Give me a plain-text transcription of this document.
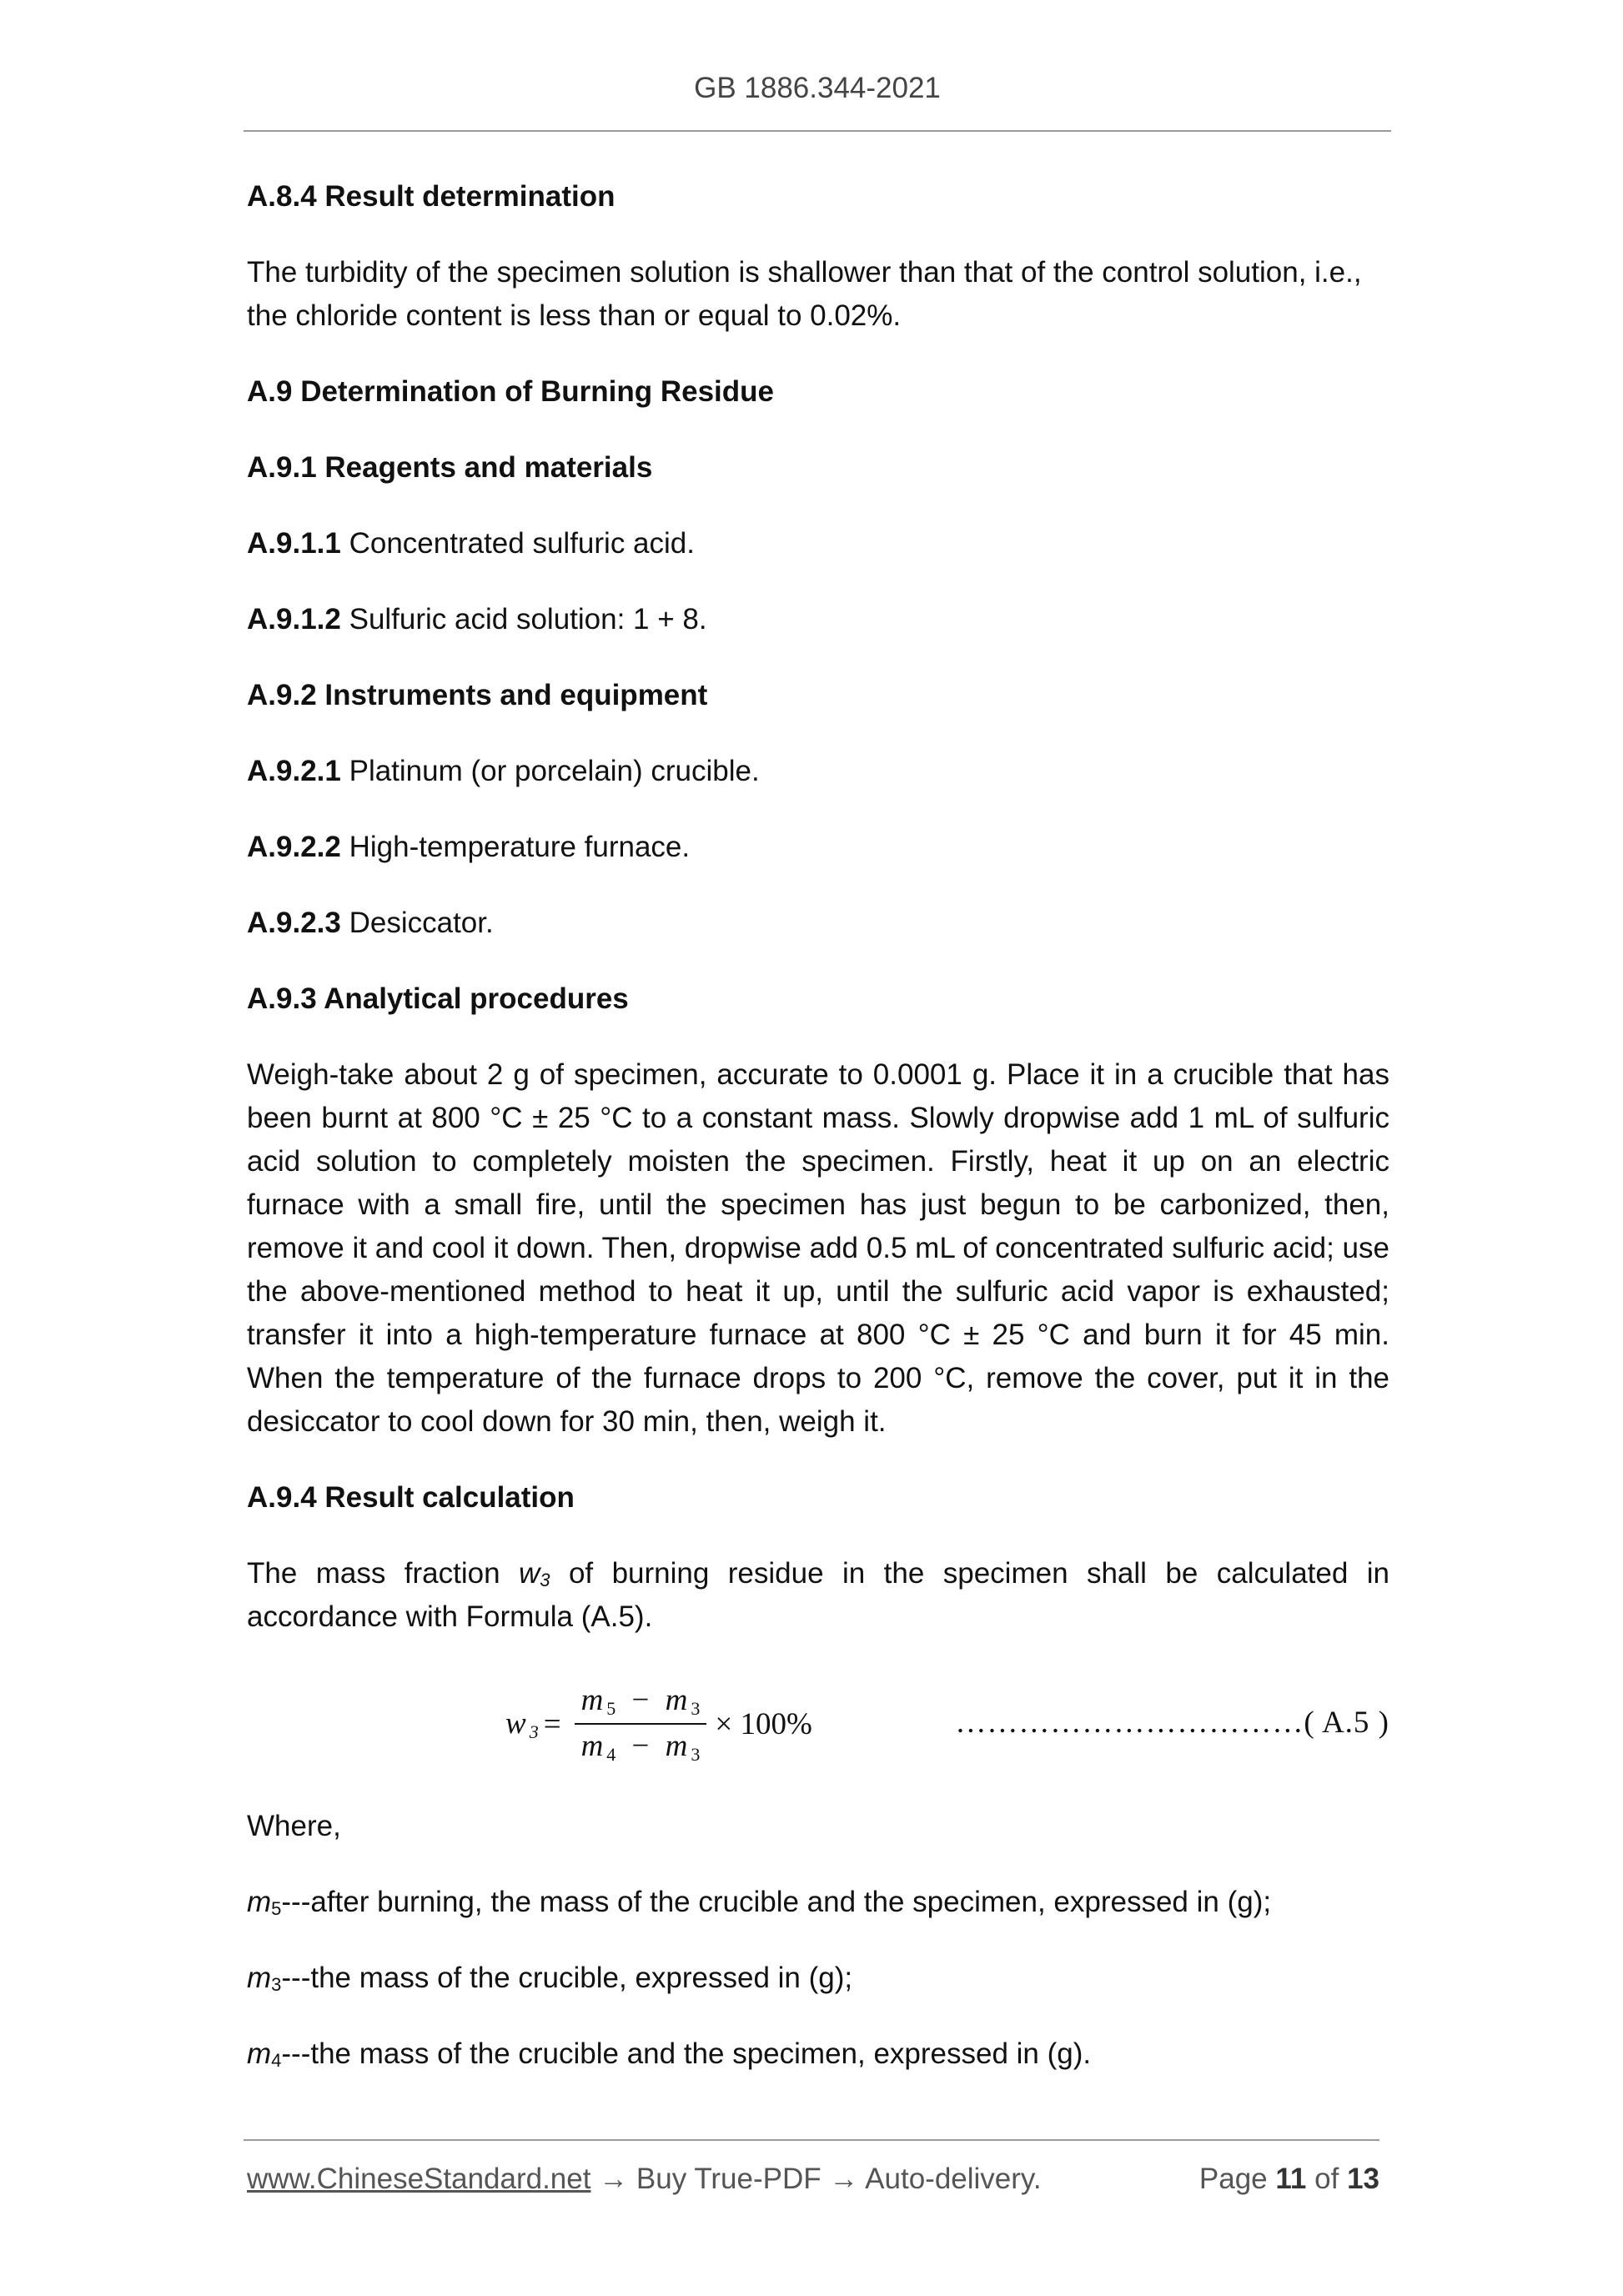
GB 1886.344-2021

A.8.4 Result determination

The turbidity of the specimen solution is shallower than that of the control solution, i.e., the chloride content is less than or equal to 0.02%.

A.9 Determination of Burning Residue

A.9.1 Reagents and materials

A.9.1.1 Concentrated sulfuric acid.

A.9.1.2 Sulfuric acid solution: 1 + 8.

A.9.2 Instruments and equipment

A.9.2.1 Platinum (or porcelain) crucible.

A.9.2.2 High-temperature furnace.

A.9.2.3 Desiccator.

A.9.3 Analytical procedures

Weigh-take about 2 g of specimen, accurate to 0.0001 g. Place it in a crucible that has been burnt at 800 °C ± 25 °C to a constant mass. Slowly dropwise add 1 mL of sulfuric acid solution to completely moisten the specimen. Firstly, heat it up on an electric furnace with a small fire, until the specimen has just begun to be carbonized, then, remove it and cool it down. Then, dropwise add 0.5 mL of concentrated sulfuric acid; use the above-mentioned method to heat it up, until the sulfuric acid vapor is exhausted; transfer it into a high-temperature furnace at 800 °C ± 25 °C and burn it for 45 min. When the temperature of the furnace drops to 200 °C, remove the cover, put it in the desiccator to cool down for 30 min, then, weigh it.

A.9.4 Result calculation

The mass fraction $w_3$ of burning residue in the specimen shall be calculated in accordance with Formula (A.5).

w $3 = \frac{m 5 - m 3}{m 4 - m 3} \times 100\%$	……………………………( A.5 )

Where,

$m_5--$-after burning, the mass of the crucible and the specimen, expressed in (g);

$m_3--$-the mass of the crucible, expressed in (g);

$m_4--$-the mass of the crucible and the specimen, expressed in (g).

www.ChineseStandard.net → Buy True-PDF → Auto-delivery.	Page 11 of 13
